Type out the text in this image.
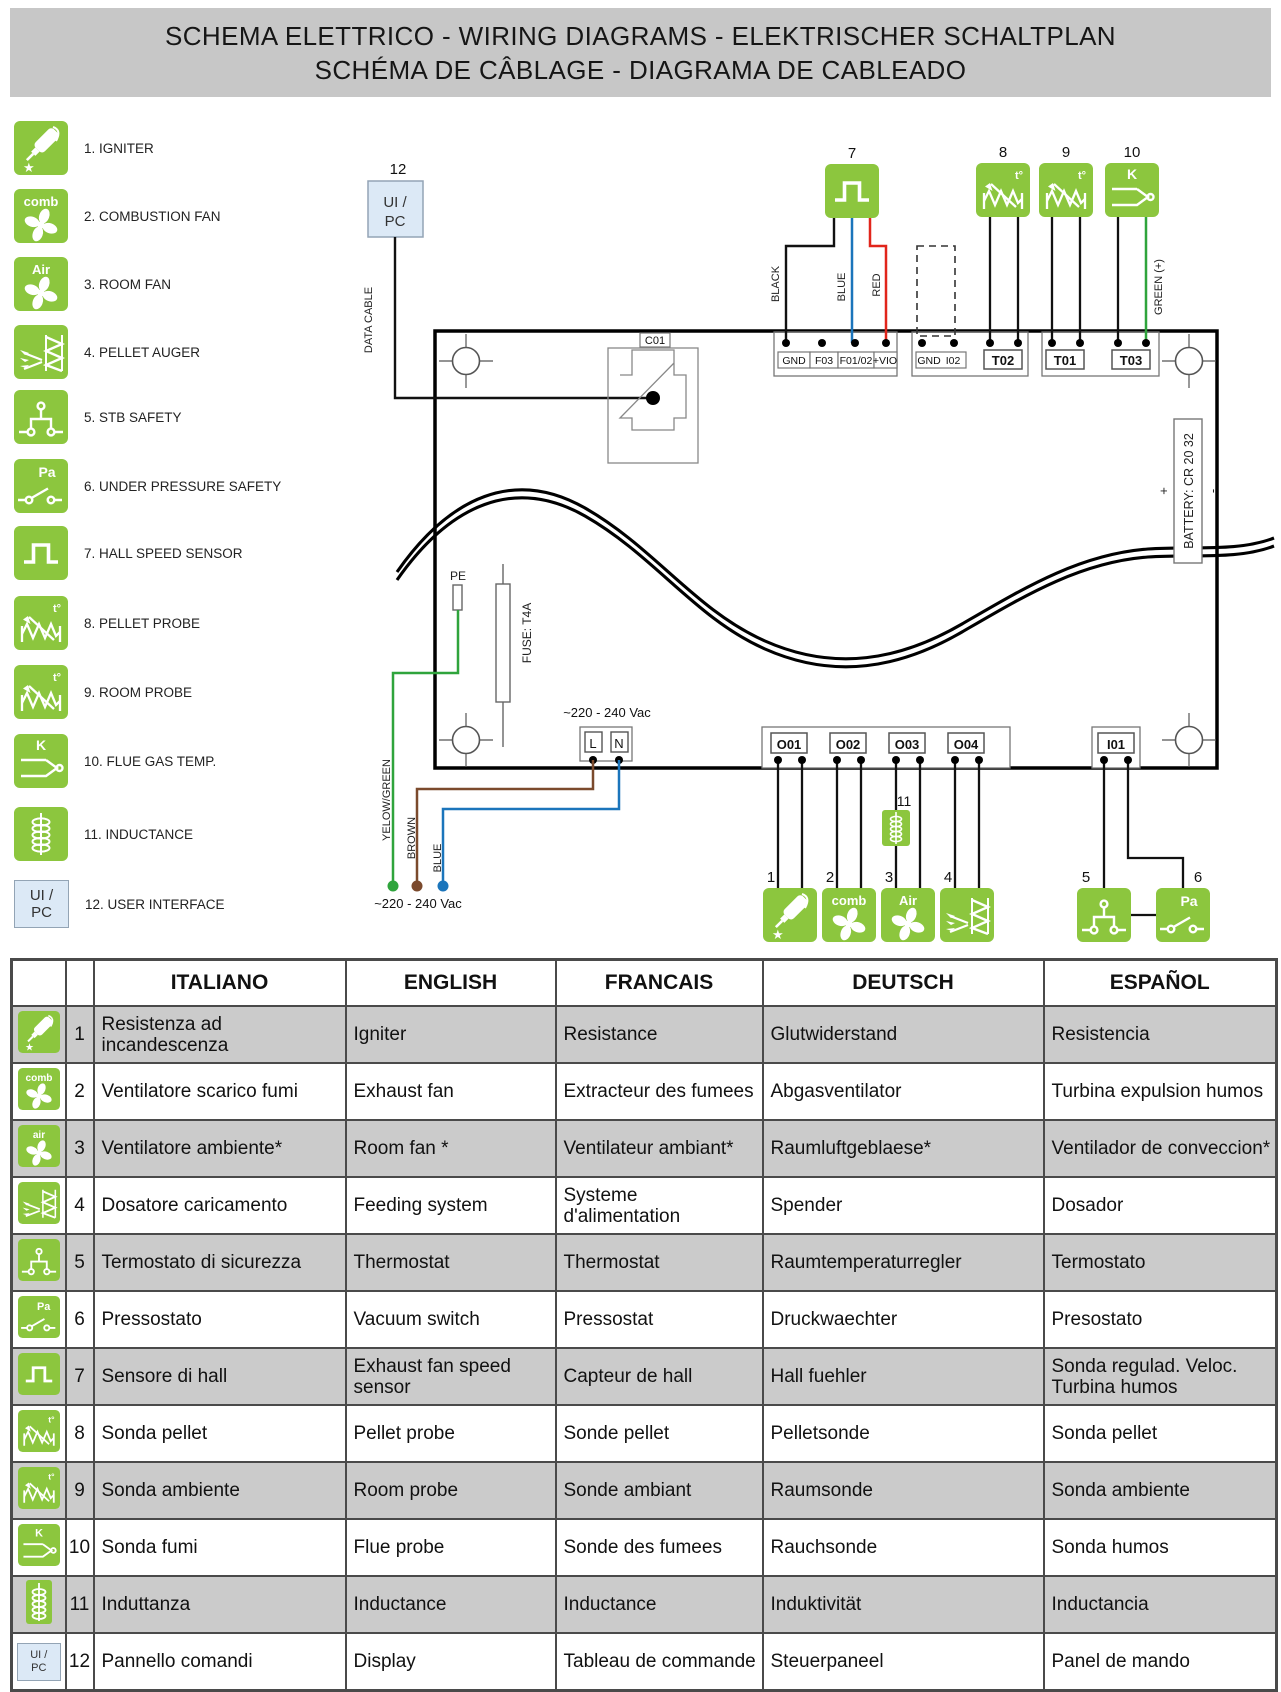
SCHEMA ELETTRICO - WIRING DIAGRAMS - ELEKTRISCHER SCHALTPLAN
SCHÉMA DE CÂBLAGE - DIAGRAMA DE CABLEADO
★
1. IGNITER
comb
2. COMBUSTION FAN
Air
3. ROOM FAN
4. PELLET AUGER
5. STB SAFETY
Pa
6. UNDER PRESSURE SAFETY
7. HALL SPEED SENSOR
t°
8. PELLET PROBE
t°
9. ROOM PROBE
K
10. FLUE GAS TEMP.
11. INDUCTANCE
UI /
PC 12. USER INTERFACE
12
UI /
PC
DATA CABLE	C01
GND F03 F01/02 +VIO GND I02 T02	T01	T03
BLACK	BLUE RED	GREEN (+)
BATTERY: CR 20 32
+	-
PE
FUSE: T4A
~220 - 240 Vac
L N
YELOW/GREEN BROWN BLUE
~220 - 240 Vac
O01	O02	O03	O04	I01
7	8	9	10
1	2	3	4	5	6
11
★
comb	Air	Pa
t°	t°	K
		ITALIANO	ENGLISH	FRANCAIS	DEUTSCH	ESPAÑOL

★	1	Resistenza ad incandescenza	Igniter	Resistance	Glutwiderstand	Resistencia

comb	2	Ventilatore scarico fumi	Exhaust fan	Extracteur des fumees	Abgasventilator	Turbina expulsion humos

air	3	Ventilatore ambiente*	Room fan *	Ventilateur ambiant*	Raumluftgeblaese*	Ventilador de conveccion*
	4	Dosatore caricamento	Feeding system	Systeme d'alimentation	Spender	Dosador
	5	Termostato di sicurezza	Thermostat	Thermostat	Raumtemperaturregler	Termostato

Pa	6	Pressostato	Vacuum switch	Pressostat	Druckwaechter	Presostato
	7	Sensore di hall	Exhaust fan speed sensor	Capteur de hall	Hall fuehler	Sonda regulad. Veloc. Turbina humos

t°	8	Sonda pellet	Pellet probe	Sonde pellet	Pelletsonde	Sonda pellet

t°	9	Sonda ambiente	Room probe	Sonde ambiant	Raumsonde	Sonda ambiente

K	10	Sonda fumi	Flue probe	Sonde des fumees	Rauchsonde	Sonda humos
	11	Induttanza	Inductance	Inductance	Induktivität	Inductancia

UI /
PC	12	Pannello comandi	Display	Tableau de commande	Steuerpaneel	Panel de mando
